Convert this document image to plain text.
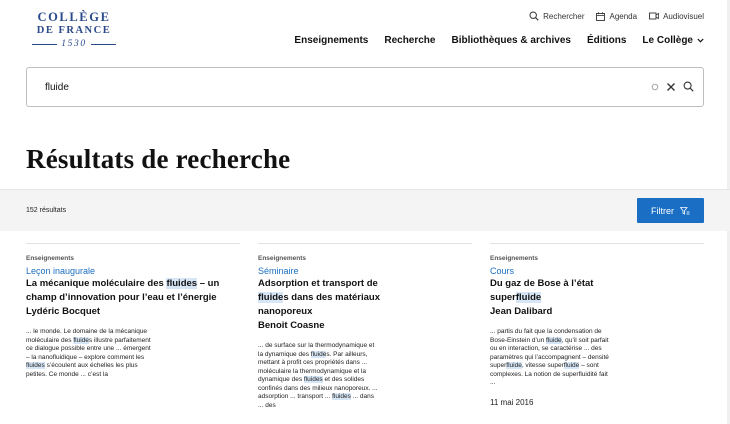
COLLÈGE
DE FRANCE
1530
Rechercher	Agenda	Audiovisuel
Enseignements Recherche Bibliothèques & archives Éditions Le Collège
fluide
Résultats de recherche
152 résultats	Filtrer
Enseignements
Leçon inaugurale
La mécanique moléculaire des fluides – un champ d’innovation pour l’eau et l’énergie
Lydéric Bocquet
... le monde. Le domaine de la mécanique moléculaire des fluides illustre parfaitement ce dialogue possible entre une ... émergent – la nanofluidique – explore comment les fluides s’écoulent aux échelles les plus petites. Ce monde ... c’est la
Enseignements
Séminaire
Adsorption et transport de fluides dans des matériaux nanoporeux
Benoit Coasne
... de surface sur la thermodynamique et la dynamique des fluides. Par ailleurs, mettant à profit ces propriétés dans ... moléculaire la thermodynamique et la dynamique des fluides et des solides confinés dans des milieux nanoporeux. ... adsorption ... transport ... fluides ... dans ... des
Enseignements
Cours
Du gaz de Bose à l’état superfluide
Jean Dalibard
... partis du fait que la condensation de Bose-Einstein d’un fluide, qu’il soit parfait ou en interaction, se caractérise ... des paramètres qui l’accompagnent – densité superfluide, vitesse superfluide – sont complexes. La notion de superfluidité fait ...
11 mai 2016
